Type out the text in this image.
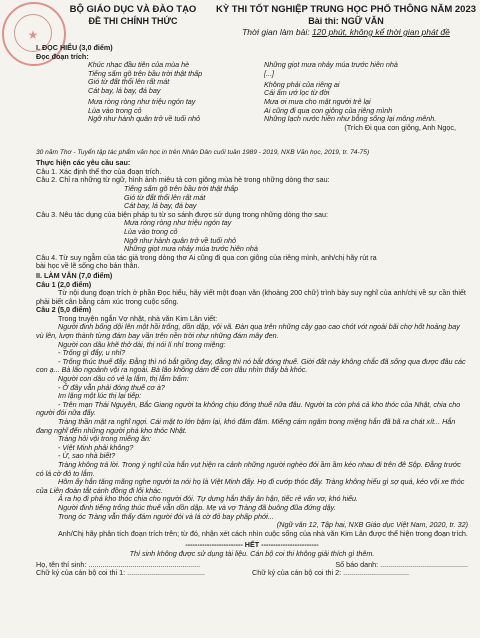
★
BỘ GIÁO DỤC VÀ ĐÀO TẠO
ĐỀ THI CHÍNH THỨC
KỲ THI TỐT NGHIỆP TRUNG HỌC PHỔ THÔNG NĂM 2023
Bài thi: NGỮ VĂN
Thời gian làm bài: 120 phút, không kể thời gian phát đề

I. ĐỌC HIỂU (3,0 điểm)

Đọc đoạn trích:

Khúc nhạc đầu tiên của mùa hè
Tiếng sấm gõ trên bầu trời thật thấp
Gió từ đất thổi lên rất mát
Cát bay, lá bay, đá bay
Mưa ròng ròng như triệu ngón tay
Lùa vào trong cỏ
Ngỡ như hành quân trở về tuổi nhỏ
Những giọt mưa nhảy múa trước hiên nhà
[...]
Không phải của riêng ai
Cái ẩm ướ lọc từ đời
Mưa ơi mưa cho mặt người trẻ lại
Ai cũng đi qua con giông của riêng mình
Những lạch nước hiền như bỗng sống lại mông mênh.
(Trích Đi qua con giông, Anh Ngọc,

30 năm Thơ - Tuyển tập tác phẩm văn học in trên Nhân Dân cuối tuần 1989 - 2019, NXB Văn học, 2019, tr. 74-75)

Thực hiện các yêu cầu sau:

Câu 1. Xác định thể thơ của đoạn trích.

Câu 2. Chỉ ra những từ ngữ, hình ảnh miêu tả cơn giông mùa hè trong những dòng thơ sau:

Tiếng sấm gõ trên bầu trời thật thấp

Gió từ đất thổi lên rất mát

Cát bay, lá bay, đá bay

Câu 3. Nêu tác dụng của biện pháp tu từ so sánh được sử dụng trong những dòng thơ sau:

Mưa ròng ròng như triệu ngón tay

Lùa vào trong cỏ

Ngỡ như hành quân trở về tuổi nhỏ

Những giọt mưa nhảy múa trước hiên nhà

Câu 4. Từ suy ngẫm của tác giả trong dòng thơ Ai cũng đi qua con giông của riêng mình, anh/chị hãy rút ra

bài học về lẽ sống cho bản thân.

II. LÀM VĂN (7,0 điểm)

Câu 1 (2,0 điểm)

Từ nội dung đoạn trích ở phần Đọc hiểu, hãy viết một đoạn văn (khoảng 200 chữ) trình bày suy nghĩ của anh/chị về sự cần thiết phải biết cân bằng cảm xúc trong cuộc sống.

Câu 2 (5,0 điểm)

Trong truyện ngắn Vợ nhặt, nhà văn Kim Lân viết:

Người đinh bống dội lên một hồi trống, dồn dập, vội vã. Đàn quạ trên những cây gạo cao chót vót ngoài bãi chợ hốt hoảng bay vù lên, lượn thành từng đám bay vần trên nền trời như những đám mây đen.

Người con dâu khẽ thở dài, thị nói lí nhí trong miệng:

- Trống gì đấy, u nhỉ?

- Trống thúc thuế đấy. Đằng thì nó bắt giồng đay, đằng thì nó bắt đóng thuế. Giời đất này không chắc đã sống qua được đâu các con ạ... Bà lão ngoảnh vội ra ngoài. Bà lão không dám để con dâu nhìn thấy bà khóc.

Người con dâu có vẻ lạ lắm, thị lắm bẩm:

- Ở đây vẫn phải đóng thuế cơ à?

Im lặng một lúc thị lại tiếp:

- Trên mạn Thái Nguyên, Bắc Giang người ta không chịu đóng thuế nữa đâu. Người ta còn phá cả kho thóc của Nhật, chia cho người đói nữa đấy.

Tràng thần mặt ra nghĩ ngợi. Cái mặt to lớn bặm lại, khó đăm đăm. Miếng cám ngăm trong miệng hắn đã bã ra chát xít... Hắn đang nghĩ đến những người phá kho thóc Nhật.

Tràng hỏi vội trong miếng ăn:

- Việt Minh phải không?

- Ừ, sao nhà biết?

Tràng không trả lời. Trong ý nghĩ của hắn vụt hiện ra cảnh những người nghèo đói ầm ầm kéo nhau đi trên đê Sộp. Đằng trước có lá cờ đỏ to lắm.

Hôm ấy hắn tăng mãng nghe người ta nói họ là Việt Minh đấy. Họ đi cướp thóc đấy. Tràng không hiểu gì sợ quá, kéo vội xe thóc của Liên đoàn tắt cánh đồng đi lối khác.

Ả ra họ đi phá kho thóc chia cho người đói. Tự dưng hắn thấy ân hận, tiếc rẻ vẩn vơ, khó hiểu.

Người đinh tiếng trống thúc thuế vẫn dồn dập. Mẹ và vợ Tràng đã buông đũa đứng dậy.

Trong óc Tràng vẫn thấy đám người đói và lá cờ đỏ bay phấp phới...

(Ngữ văn 12, Tập hai, NXB Giáo dục Việt Nam, 2020, tr. 32)

Anh/Chị hãy phân tích đoạn trích trên; từ đó, nhận xét cách nhìn cuộc sống của nhà văn Kim Lân được thể hiện trong đoạn trích.

------------------------ HẾT ------------------------

Thí sinh không được sử dụng tài liệu. Cán bộ coi thi không giải thích gì thêm.

Họ, tên thí sinh: ........................................................	Số báo danh: ............................................
Chữ ký của cán bộ coi thi 1: .......................................	Chữ ký của cán bộ coi thi 2: .................................
